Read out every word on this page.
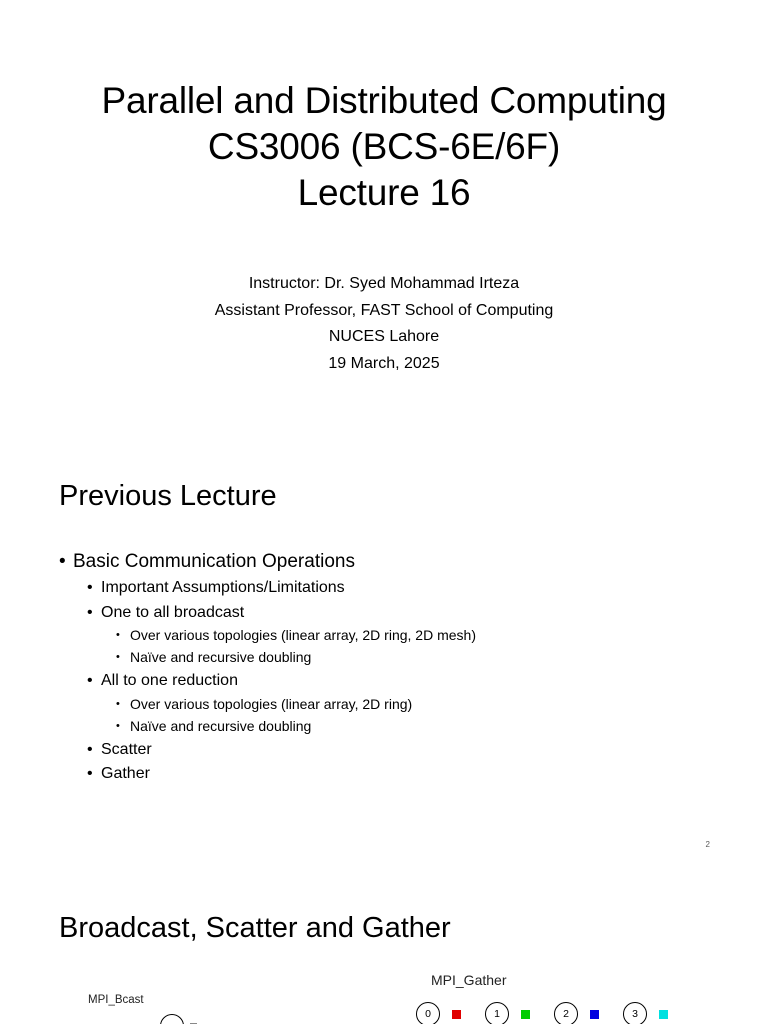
Parallel and Distributed Computing
CS3006 (BCS-6E/6F)
Lecture 16
Instructor: Dr. Syed Mohammad Irteza
Assistant Professor, FAST School of Computing
NUCES Lahore
19 March, 2025
Previous Lecture
• Basic Communication Operations
• Important Assumptions/Limitations
• One to all broadcast
• Over various topologies (linear array, 2D ring, 2D mesh)
• Naïve and recursive doubling
• All to one reduction
• Over various topologies (linear array, 2D ring)
• Naïve and recursive doubling
• Scatter
• Gather
2
Broadcast, Scatter and Gather
MPI_Bcast
MPI_Gather
0	1	2	3
